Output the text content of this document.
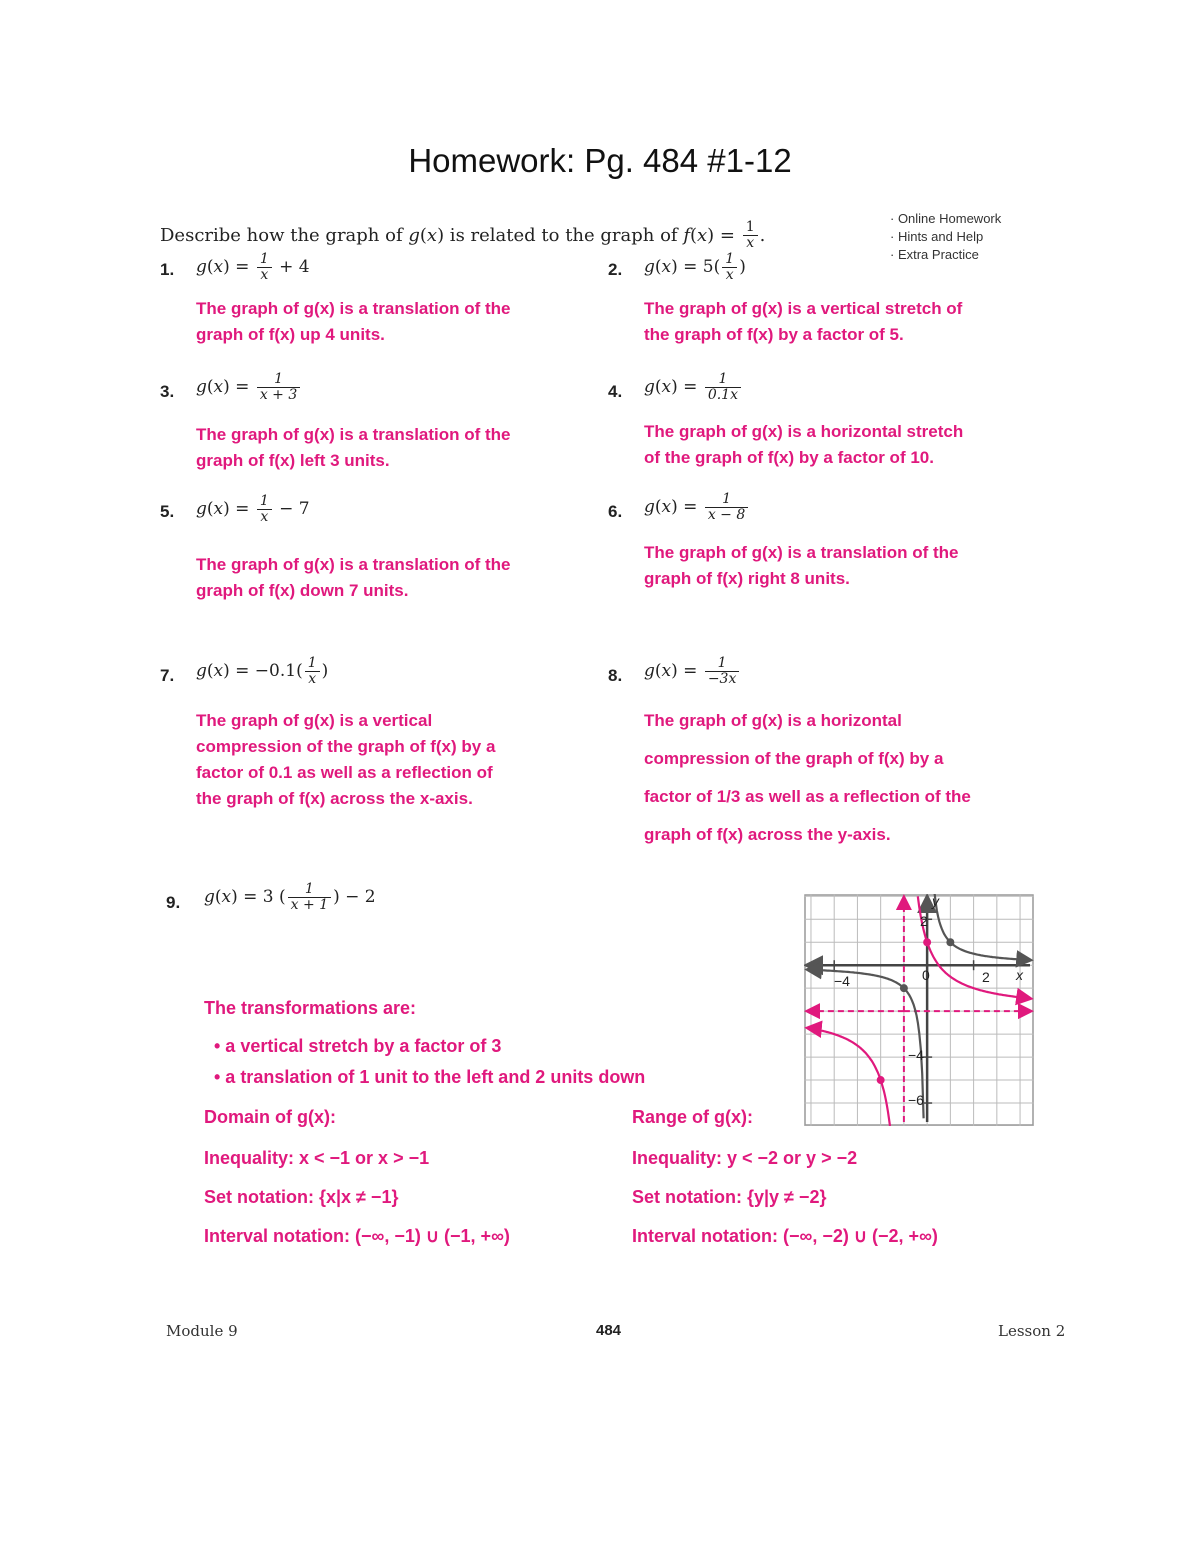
Homework: Pg. 484 #1-12
Describe how the graph of g(x) is related to the graph of $f(x) = \frac{1}{x}$ .
· Online Homework
· Hints and Help
· Extra Practice
1. $g(x) = \frac{1}{x} + 4$
The graph of g(x) is a translation of the
graph of f(x) up 4 units.
2. $g(x) = 5( \frac{1}{x}$ )
The graph of g(x) is a vertical stretch of
the graph of f(x) by a factor of 5.
3. $g(x) = \frac{1}{x + 3}$
The graph of g(x) is a translation of the
graph of f(x) left 3 units.
4. $g(x) = \frac{1}{0.1x}$
The graph of g(x) is a horizontal stretch
of the graph of f(x) by a factor of 10.
5. $g(x) = \frac{1}{x} - 7$
The graph of g(x) is a translation of the
graph of f(x) down 7 units.
6. $g(x) = \frac{1}{x - 8}$
The graph of g(x) is a translation of the
graph of f(x) right 8 units.
7. $g(x) = -0.1( \frac{1}{x}$ )
The graph of g(x) is a vertical
compression of the graph of f(x) by a
factor of 0.1 as well as a reflection of
the graph of f(x) across the x-axis.
8. $g(x) = \frac{1}{-3x}$
The graph of g(x) is a horizontal
compression of the graph of f(x) by a
factor of 1/3 as well as a reflection of the
graph of f(x) across the y-axis.
9. g(x) = 3 ( $\frac{1}{x + 1}$ ) − 2
The transformations are:
• a vertical stretch by a factor of 3
• a translation of 1 unit to the left and 2 units down
Domain of g(x):
Inequality: x < −1 or x > −1
Set notation: {x|x ≠ −1}
Interval notation: (−∞, −1) ∪ (−1, +∞)
Range of g(x):
Inequality: y < −2 or y > −2
Set notation: {y|y ≠ −2}
Interval notation: (−∞, −2) ∪ (−2, +∞)
x
y
−4	0	2
2
−4
−6
Module 9	484	Lesson 2
